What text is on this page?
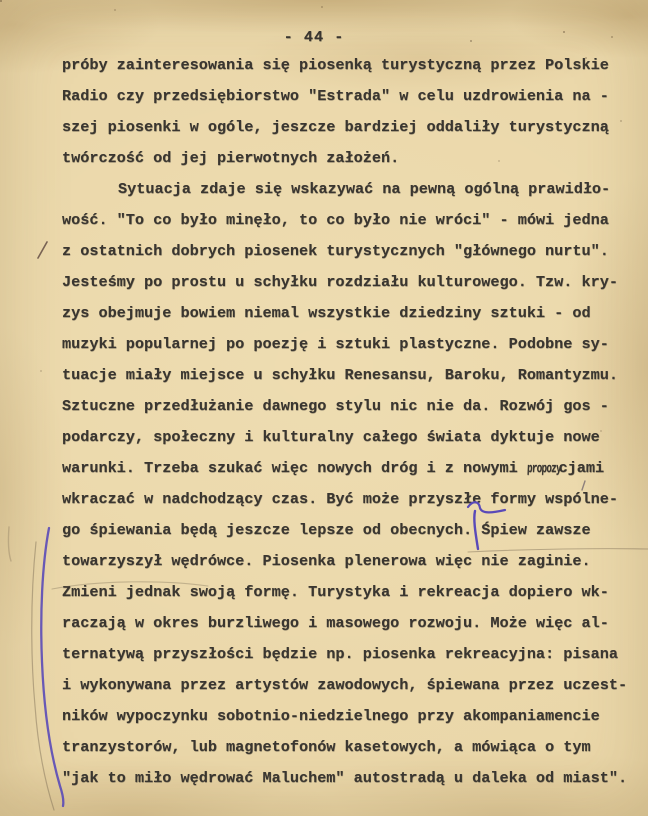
- 44 -
próby zainteresowania się piosenką turystyczną przez Polskie
Radio czy przedsiębiorstwo "Estrada" w celu uzdrowienia na -
szej piosenki w ogóle, jeszcze bardziej oddaliły turystyczną
twórczość od jej pierwotnych założeń.
Sytuacja zdaje się wskazywać na pewną ogólną prawidło-
wość. "To co było minęło, to co było nie wróci" - mówi jedna
z ostatnich dobrych piosenek turystycznych "głównego nurtu".
Jesteśmy po prostu u schyłku rozdziału kulturowego. Tzw. kry-
zys obejmuje bowiem niemal wszystkie dziedziny sztuki - od
muzyki popularnej po poezję i sztuki plastyczne. Podobne sy-
tuacje miały miejsce u schyłku Renesansu, Baroku, Romantyzmu.
Sztuczne przedłużanie dawnego stylu nic nie da. Rozwój gos -
podarczy, społeczny i kulturalny całego świata dyktuje nowe
warunki. Trzeba szukać więc nowych dróg i z nowymi propozycjami
wkraczać w nadchodzący czas. Być może przyszłe formy wspólne-
go śpiewania będą jeszcze lepsze od obecnych. Śpiew zawsze
towarzyszył wędrówce. Piosenka plenerowa więc nie zaginie.
Zmieni jednak swoją formę. Turystyka i rekreacja dopiero wk-
raczają w okres burzliwego i masowego rozwoju. Może więc al-
ternatywą przyszłości będzie np. piosenka rekreacyjna: pisana
i wykonywana przez artystów zawodowych, śpiewana przez uczest-
ników wypoczynku sobotnio-niedzielnego przy akompaniamencie
tranzystorów, lub magnetofonów kasetowych, a mówiąca o tym
"jak to miło wędrować Maluchem" autostradą u daleka od miast".
